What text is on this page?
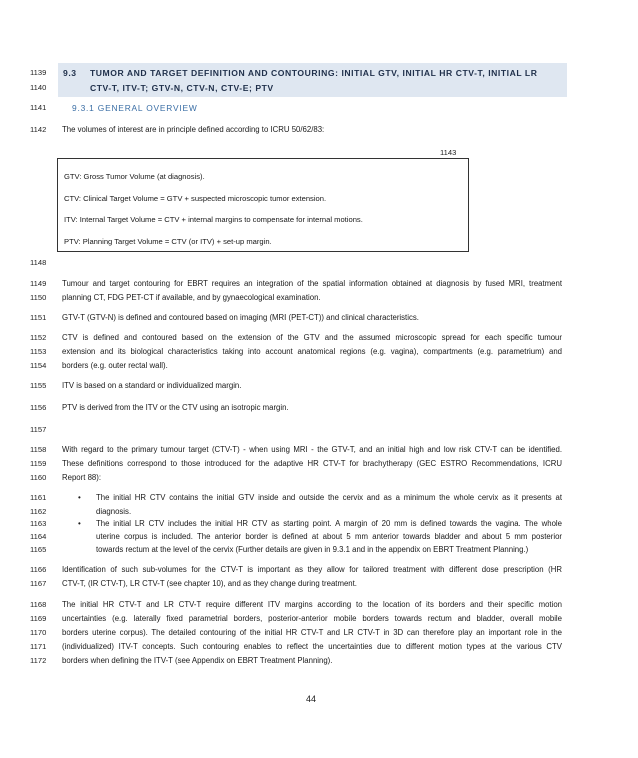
1139
1140
1141
1142
1148
1149
1150
1151
1152
1153
1154
1155
1156
1157
1158
1159
1160
1161
1162
1163
1164
1165
1166
1167
1168
1169
1170
1171
1172
9.3 TUMOR AND TARGET DEFINITION AND CONTOURING: INITIAL GTV, INITIAL HR CTV-T, INITIAL LR
CTV-T, ITV-T; GTV-N, CTV-N, CTV-E; PTV
9.3.1 GENERAL OVERVIEW
The volumes of interest are in principle defined according to ICRU 50/62/83:
1143
GTV: Gross Tumor Volume (at diagnosis).
CTV: Clinical Target Volume = GTV + suspected microscopic tumor extension.
ITV: Internal Target Volume = CTV + internal margins to compensate for internal motions.
PTV: Planning Target Volume = CTV (or ITV) + set-up margin.
Tumour and target contouring for EBRT requires an integration of the spatial information obtained at diagnosis by fused MRI, treatment
planning CT, FDG PET-CT if available, and by gynaecological examination.
GTV-T (GTV-N) is defined and contoured based on imaging (MRI (PET-CT)) and clinical characteristics.
CTV is defined and contoured based on the extension of the GTV and the assumed microscopic spread for each specific tumour
extension and its biological characteristics taking into account anatomical regions (e.g. vagina), compartments (e.g. parametrium) and
borders (e.g. outer rectal wall).
ITV is based on a standard or individualized margin.
PTV is derived from the ITV or the CTV using an isotropic margin.
With regard to the primary tumour target (CTV-T) - when using MRI - the GTV-T, and an initial high and low risk CTV-T can be identified.
These definitions correspond to those introduced for the adaptive HR CTV-T for brachytherapy (GEC ESTRO Recommendations, ICRU
Report 88):
• The initial HR CTV contains the initial GTV inside and outside the cervix and as a minimum the whole cervix as it presents at
diagnosis.
• The initial LR CTV includes the initial HR CTV as starting point. A margin of 20 mm is defined towards the vagina. The whole
uterine corpus is included. The anterior border is defined at about 5 mm anterior towards bladder and about 5 mm posterior
towards rectum at the level of the cervix (Further details are given in 9.3.1 and in the appendix on EBRT Treatment Planning.)
Identification of such sub-volumes for the CTV-T is important as they allow for tailored treatment with different dose prescription (HR
CTV-T, (IR CTV-T), LR CTV-T (see chapter 10), and as they change during treatment.
The initial HR CTV-T and LR CTV-T require different ITV margins according to the location of its borders and their specific motion
uncertainties (e.g. laterally fixed parametrial borders, posterior-anterior mobile borders towards rectum and bladder, overall mobile
borders uterine corpus). The detailed contouring of the initial HR CTV-T and LR CTV-T in 3D can therefore play an important role in the
(individualized) ITV-T concepts. Such contouring enables to reflect the uncertainties due to different motion types at the various CTV
borders when defining the ITV-T (see Appendix on EBRT Treatment Planning).
44
